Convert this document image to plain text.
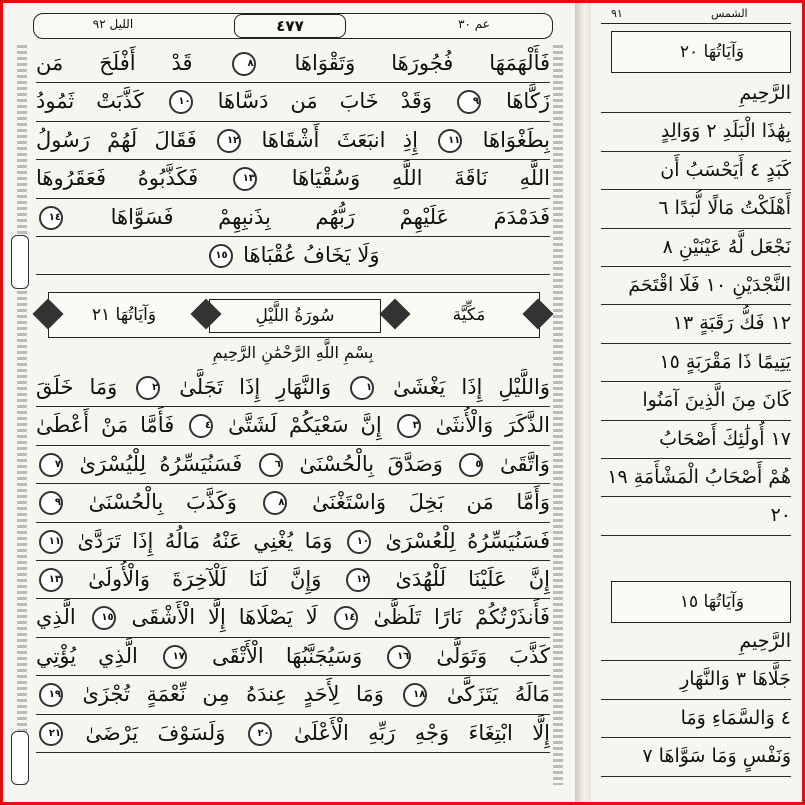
الليل ٩٢	٤٧٧	عم ٣٠
فَأَلْهَمَهَا فُجُورَهَا وَتَقْوَاهَا ٨ قَدْ أَفْلَحَ مَن
زَكَّاهَا ٩ وَقَدْ خَابَ مَن دَسَّاهَا ١٠ كَذَّبَتْ ثَمُودُ
بِطَغْوَاهَا ١١ إِذِ انبَعَثَ أَشْقَاهَا ١٢ فَقَالَ لَهُمْ رَسُولُ
اللَّهِ نَاقَةَ اللَّهِ وَسُقْيَاهَا ١٣ فَكَذَّبُوهُ فَعَقَرُوهَا
فَدَمْدَمَ عَلَيْهِمْ رَبُّهُم بِذَنبِهِمْ فَسَوَّاهَا ١٤
وَلَا يَخَافُ عُقْبَاهَا ١٥
مَكِّيَّة
سُورَةُ اللَّيْلِ
وَآيَاتُهَا ٢١
بِسْمِ اللَّهِ الرَّحْمَٰنِ الرَّحِيمِ
وَاللَّيْلِ إِذَا يَغْشَىٰ ١ وَالنَّهَارِ إِذَا تَجَلَّىٰ ٢ وَمَا خَلَقَ
الذَّكَرَ وَالْأُنثَىٰ ٣ إِنَّ سَعْيَكُمْ لَشَتَّىٰ ٤ فَأَمَّا مَنْ أَعْطَىٰ
وَاتَّقَىٰ ٥ وَصَدَّقَ بِالْحُسْنَىٰ ٦ فَسَنُيَسِّرُهُ لِلْيُسْرَىٰ ٧
وَأَمَّا مَن بَخِلَ وَاسْتَغْنَىٰ ٨ وَكَذَّبَ بِالْحُسْنَىٰ ٩
فَسَنُيَسِّرُهُ لِلْعُسْرَىٰ ١٠ وَمَا يُغْنِي عَنْهُ مَالُهُ إِذَا تَرَدَّىٰ ١١
إِنَّ عَلَيْنَا لَلْهُدَىٰ ١٢ وَإِنَّ لَنَا لَلْآخِرَةَ وَالْأُولَىٰ ١٣
فَأَنذَرْتُكُمْ نَارًا تَلَظَّىٰ ١٤ لَا يَصْلَاهَا إِلَّا الْأَشْقَى ١٥ الَّذِي
كَذَّبَ وَتَوَلَّىٰ ١٦ وَسَيُجَنَّبُهَا الْأَتْقَى ١٧ الَّذِي يُؤْتِي
مَالَهُ يَتَزَكَّىٰ ١٨ وَمَا لِأَحَدٍ عِندَهُ مِن نِّعْمَةٍ تُجْزَىٰ ١٩
إِلَّا ابْتِغَاءَ وَجْهِ رَبِّهِ الْأَعْلَىٰ ٢٠ وَلَسَوْفَ يَرْضَىٰ ٢١
الشمس
٩١
وَآيَاتُهَا ٢٠
الرَّحِيمِ
بِهَٰذَا الْبَلَدِ ٢ وَوَالِدٍ
كَبَدٍ ٤ أَيَحْسَبُ أَن
أَهْلَكْتُ مَالًا لُّبَدًا ٦
نَجْعَل لَّهُ عَيْنَيْنِ ٨
النَّجْدَيْنِ ١٠ فَلَا اقْتَحَمَ
١٢ فَكُّ رَقَبَةٍ ١٣
يَتِيمًا ذَا مَقْرَبَةٍ ١٥
كَانَ مِنَ الَّذِينَ آمَنُوا
١٧ أُولَٰئِكَ أَصْحَابُ
هُمْ أَصْحَابُ الْمَشْأَمَةِ ١٩
٢٠
وَآيَاتُهَا ١٥
الرَّحِيمِ
جَلَّاهَا ٣ وَالنَّهَارِ
٤ وَالسَّمَاءِ وَمَا
وَنَفْسٍ وَمَا سَوَّاهَا ٧
